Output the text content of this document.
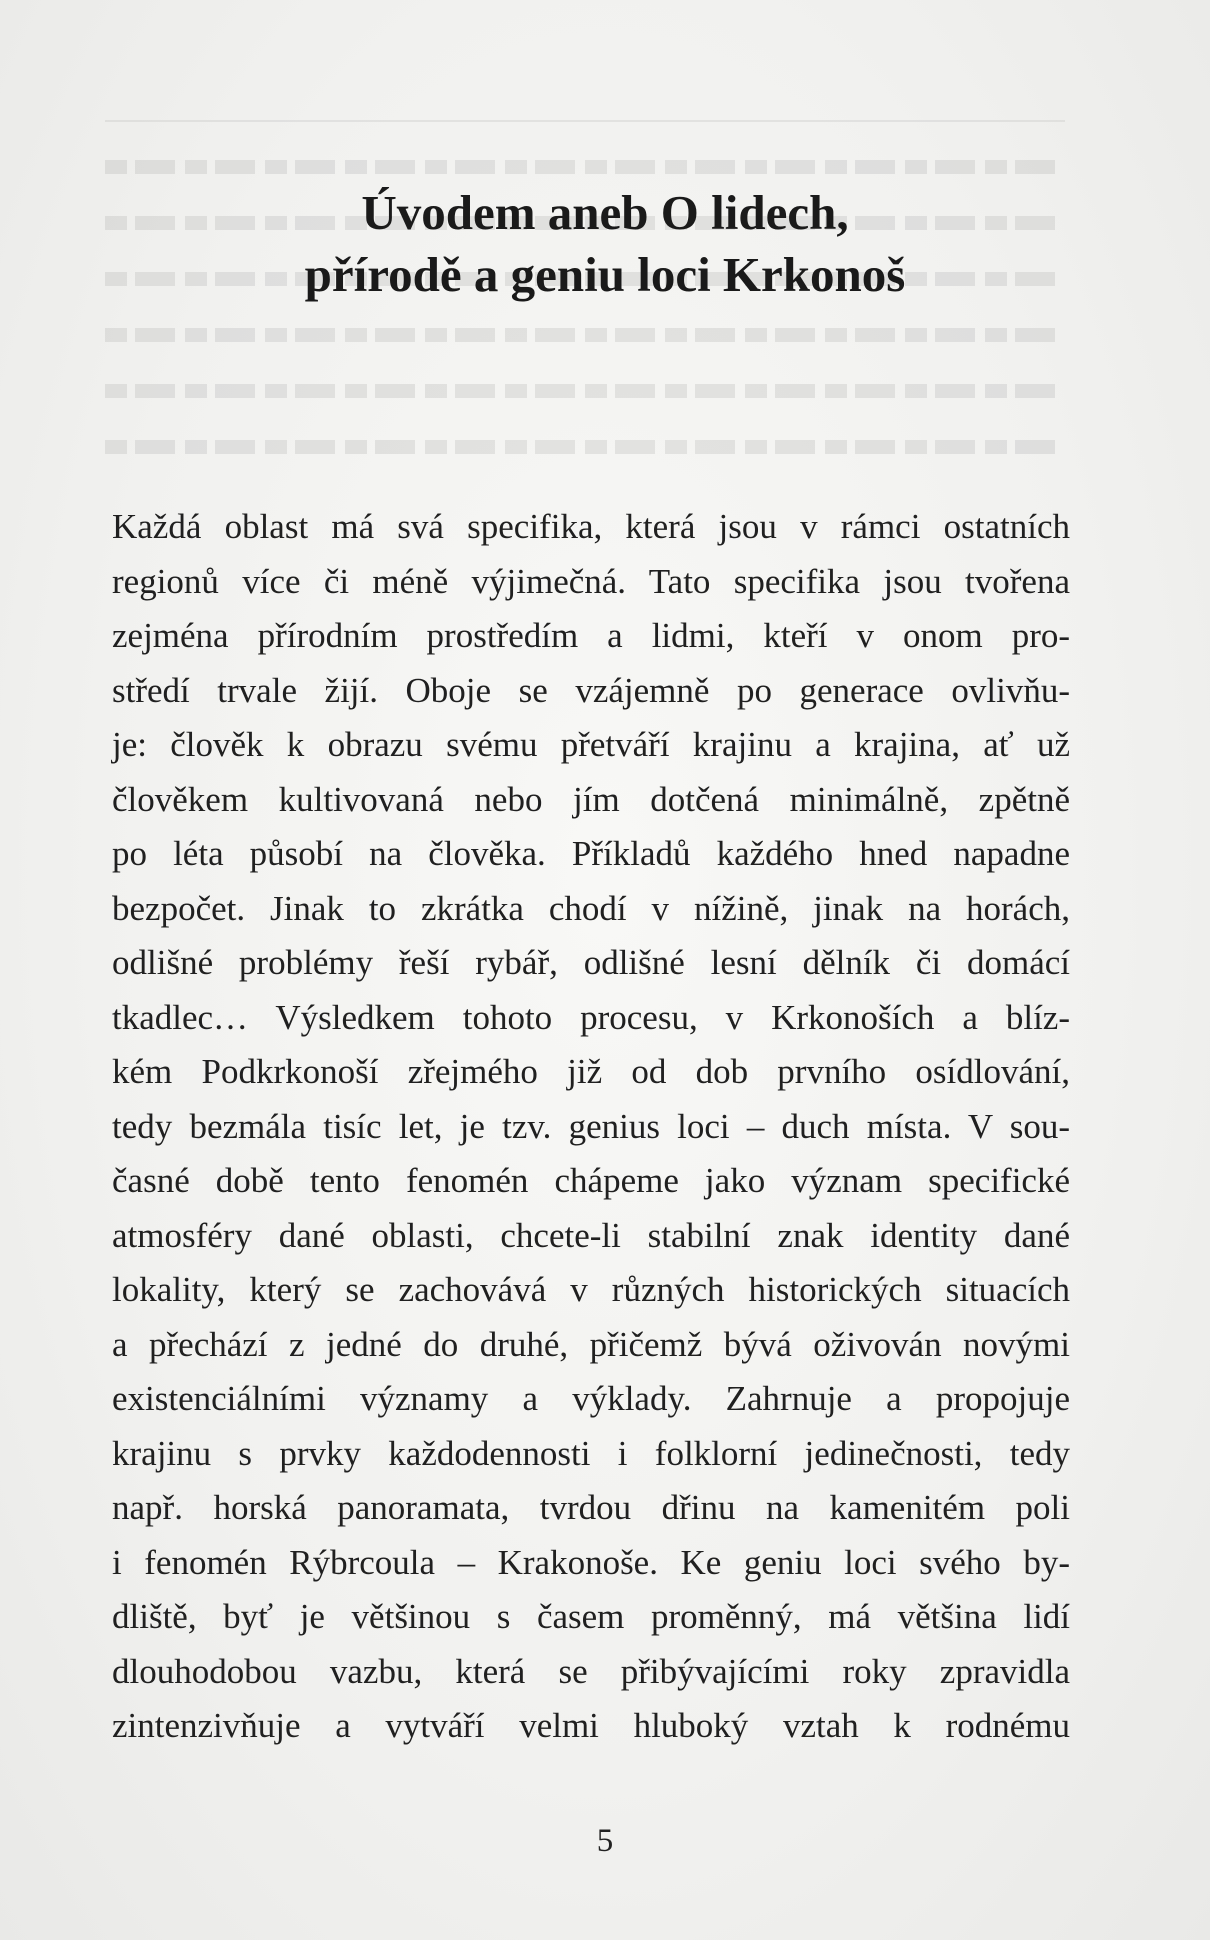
Úvodem aneb O lidech,
přírodě a geniu loci Krkonoš
Každá oblast má svá specifika, která jsou v rámci ostatních
regionů více či méně výjimečná. Tato specifika jsou tvořena
zejména přírodním prostředím a lidmi, kteří v onom pro-
středí trvale žijí. Oboje se vzájemně po generace ovlivňu-
je: člověk k obrazu svému přetváří krajinu a krajina, ať už
člověkem kultivovaná nebo jím dotčená minimálně, zpětně
po léta působí na člověka. Příkladů každého hned napadne
bezpočet. Jinak to zkrátka chodí v nížině, jinak na horách,
odlišné problémy řeší rybář, odlišné lesní dělník či domácí
tkadlec… Výsledkem tohoto procesu, v Krkonoších a blíz-
kém Podkrkonoší zřejmého již od dob prvního osídlování,
tedy bezmála tisíc let, je tzv. genius loci – duch místa. V sou-
časné době tento fenomén chápeme jako význam specifické
atmosféry dané oblasti, chcete-li stabilní znak identity dané
lokality, který se zachovává v různých historických situacích
a přechází z jedné do druhé, přičemž bývá oživován novými
existenciálními významy a výklady. Zahrnuje a propojuje
krajinu s prvky každodennosti i folklorní jedinečnosti, tedy
např. horská panoramata, tvrdou dřinu na kamenitém poli
i fenomén Rýbrcoula – Krakonoše. Ke geniu loci svého by-
dliště, byť je většinou s časem proměnný, má většina lidí
dlouhodobou vazbu, která se přibývajícími roky zpravidla
zintenzivňuje a vytváří velmi hluboký vztah k rodnému
5
